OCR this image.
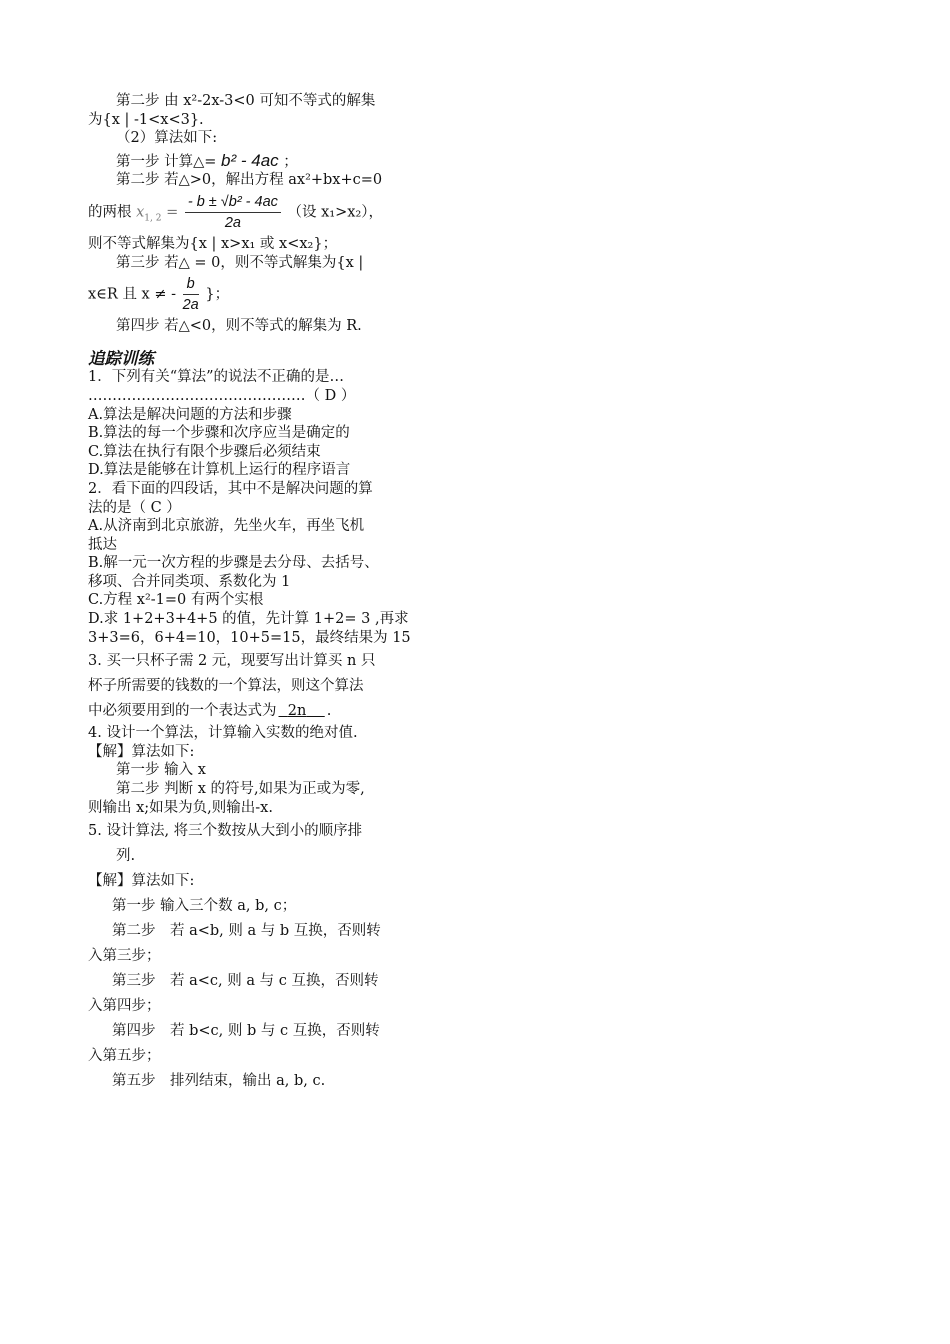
第二步 由 x²-2x-3<0 可知不等式的解集

为{x | -1<x<3}.

（2）算法如下:

第一步 计算△= b² - 4ac ；

第二步 若△>0，解出方程 ax²+bx+c=0

的两根 $x_{1, 2} = \frac{\text{- b ± √b² - 4ac}}{2a}$ （设 x₁>x₂），

则不等式解集为{x | x>x₁ 或 x<x₂}；

第三步 若△ = 0，则不等式解集为{x |

x∈R 且 x ≠ - $\frac{b}{2a}$ }；

第四步 若△<0，则不等式的解集为 R.

追踪训练

1．下列有关“算法”的说法不正确的是…

………………………………………（ D ）

A.算法是解决问题的方法和步骤

B.算法的每一个步骤和次序应当是确定的

C.算法在执行有限个步骤后必须结束

D.算法是能够在计算机上运行的程序语言

2．看下面的四段话，其中不是解决问题的算

法的是（ C ）

A.从济南到北京旅游，先坐火车，再坐飞机

抵达

B.解一元一次方程的步骤是去分母、去括号、

移项、合并同类项、系数化为 1

C.方程 x²-1=0 有两个实根

D.求 1+2+3+4+5 的值，先计算 1+2= 3 ,再求

3+3=6，6+4=10，10+5=15，最终结果为 15

3. 买一只杯子需 2 元，现要写出计算买 n 只

杯子所需要的钱数的一个算法，则这个算法

中必须要用到的一个表达式为 2n .

4. 设计一个算法，计算输入实数的绝对值.

【解】算法如下:

第一步 输入 x

第二步 判断 x 的符号,如果为正或为零,

则输出 x;如果为负,则输出-x.

5. 设计算法, 将三个数按从大到小的顺序排

列.

【解】算法如下:

第一步 输入三个数 a, b, c；

第二步　若 a<b, 则 a 与 b 互换，否则转

入第三步；

第三步　若 a<c, 则 a 与 c 互换，否则转

入第四步；

第四步　若 b<c, 则 b 与 c 互换，否则转

入第五步；

第五步　排列结束，输出 a, b, c.
